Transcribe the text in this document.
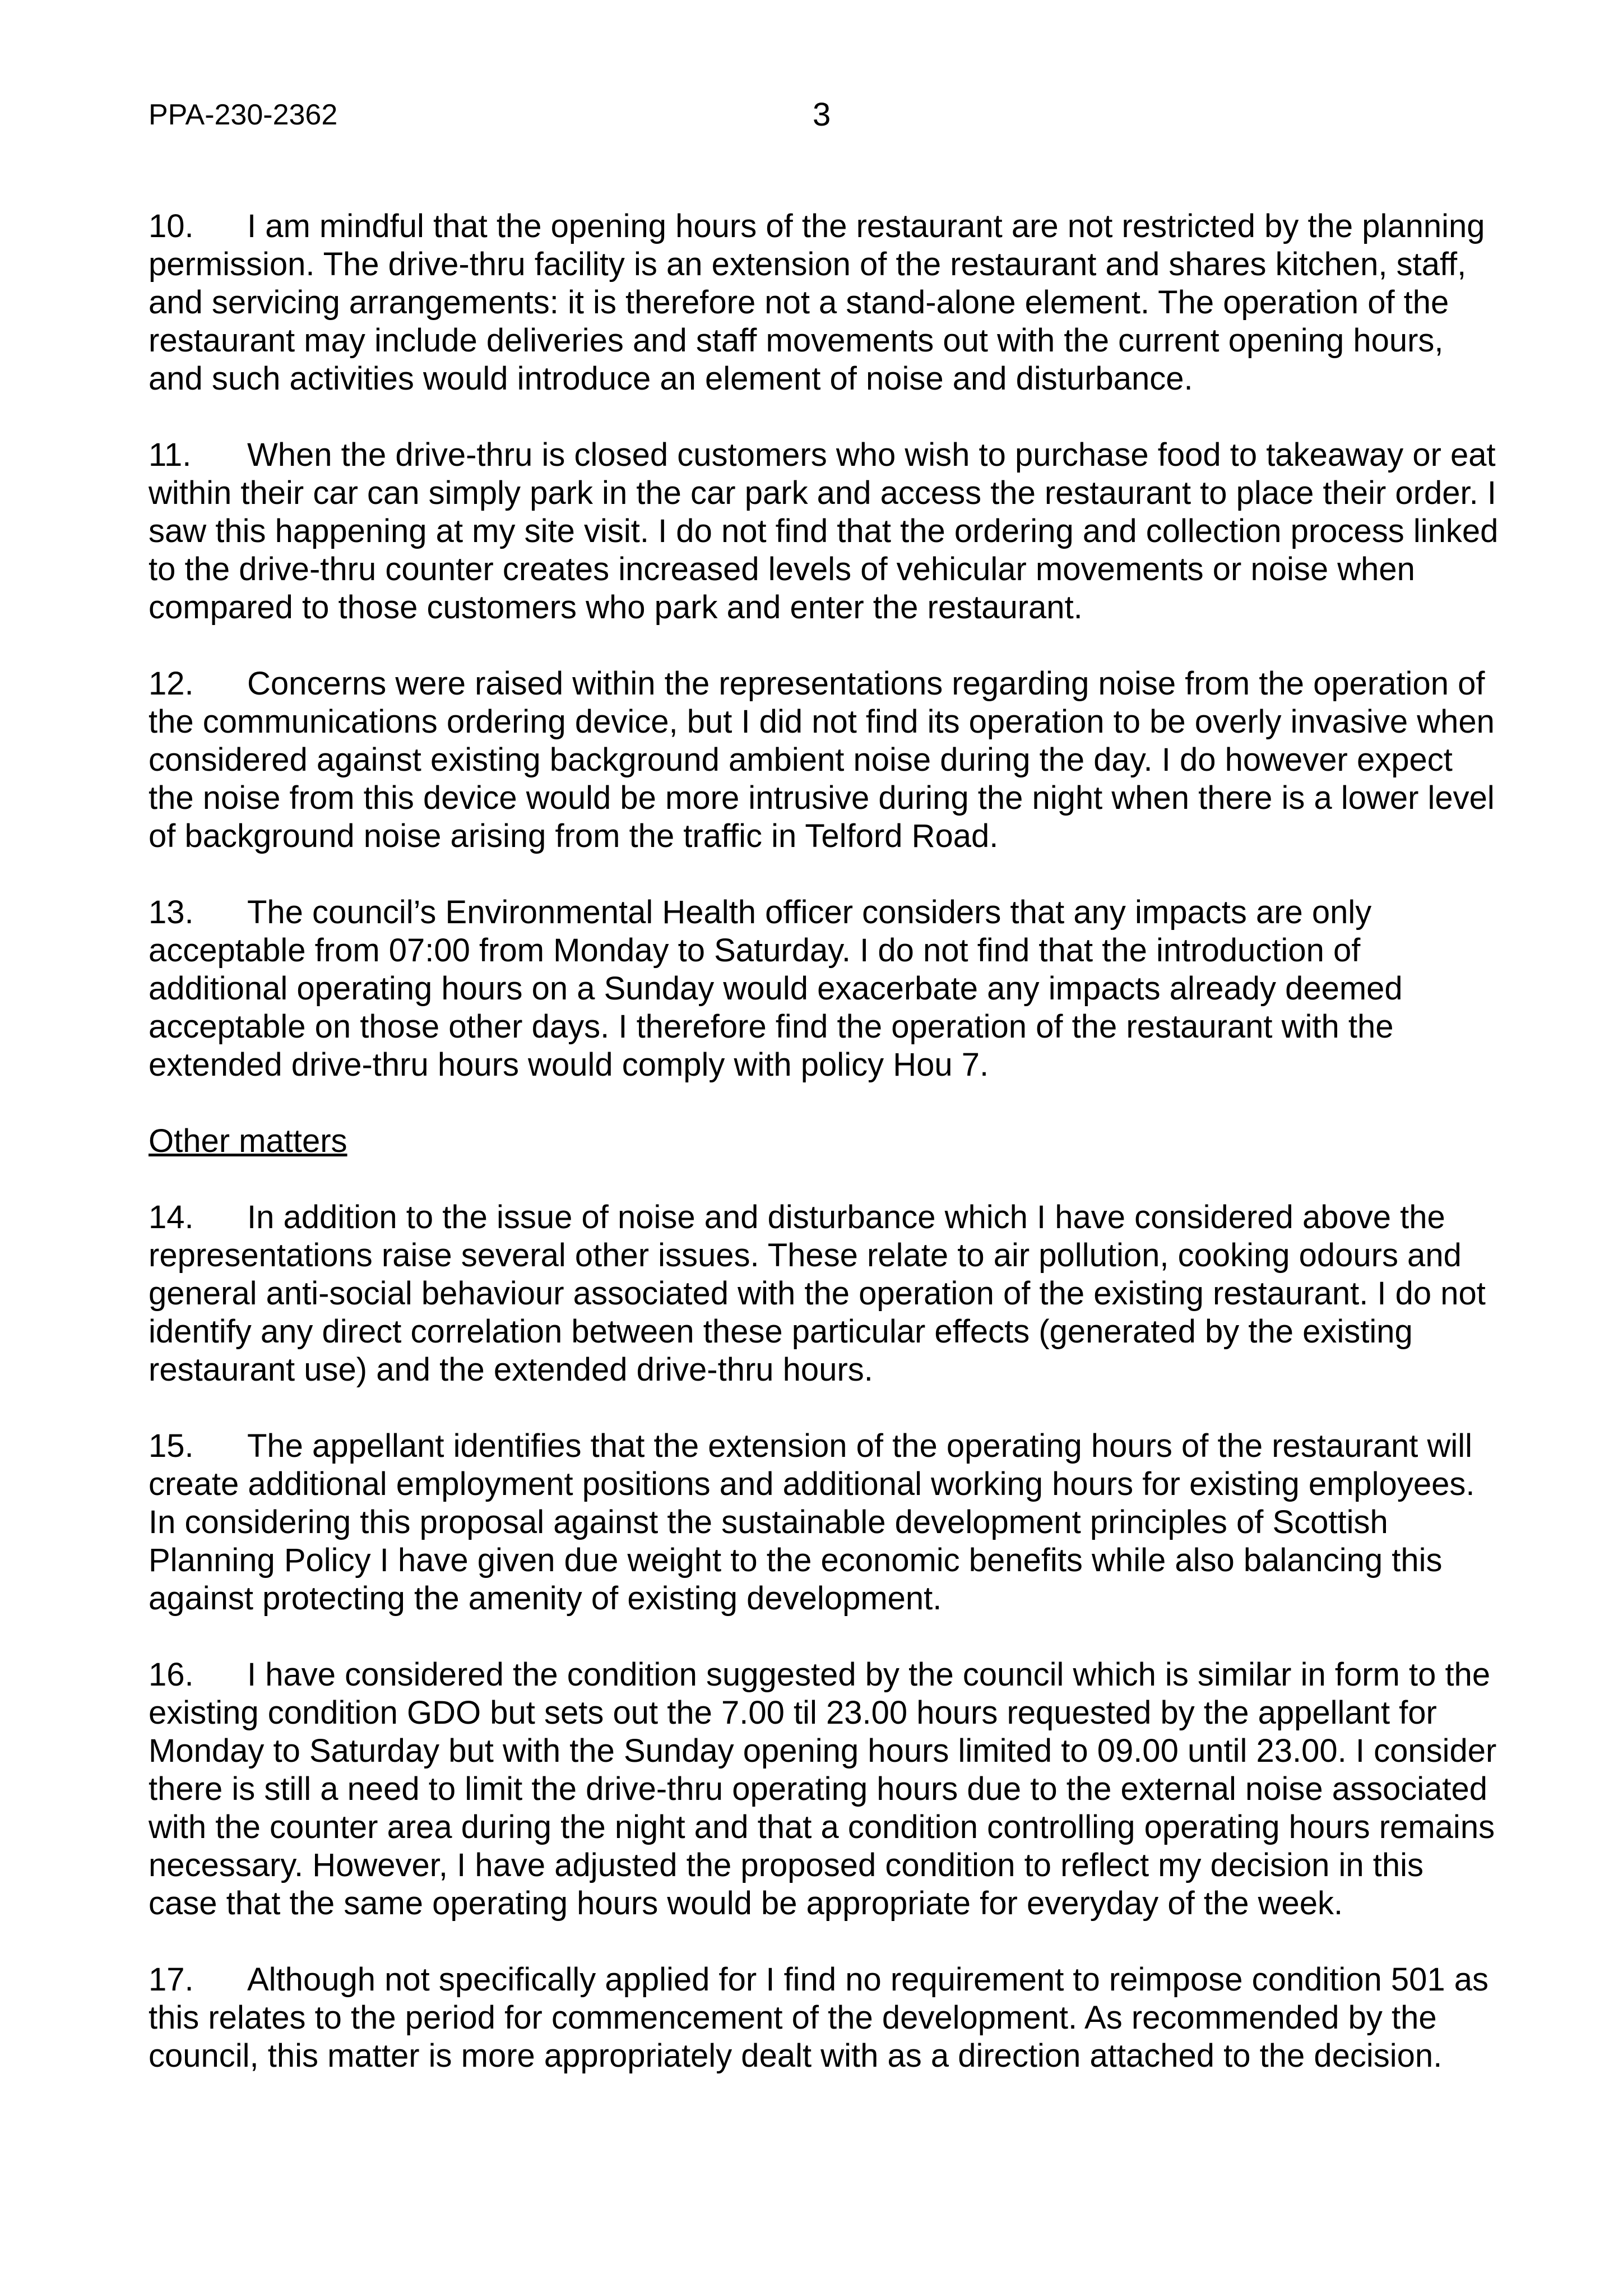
PPA-230-2362	3

10. I am mindful that the opening hours of the restaurant are not restricted by the planning permission. The drive-thru facility is an extension of the restaurant and shares kitchen, staff, and servicing arrangements: it is therefore not a stand-alone element. The operation of the restaurant may include deliveries and staff movements out with the current opening hours, and such activities would introduce an element of noise and disturbance.

11. When the drive-thru is closed customers who wish to purchase food to takeaway or eat within their car can simply park in the car park and access the restaurant to place their order. I saw this happening at my site visit. I do not find that the ordering and collection process linked to the drive-thru counter creates increased levels of vehicular movements or noise when compared to those customers who park and enter the restaurant.

12. Concerns were raised within the representations regarding noise from the operation of the communications ordering device, but I did not find its operation to be overly invasive when considered against existing background ambient noise during the day. I do however expect the noise from this device would be more intrusive during the night when there is a lower level of background noise arising from the traffic in Telford Road.

13. The council’s Environmental Health officer considers that any impacts are only acceptable from 07:00 from Monday to Saturday. I do not find that the introduction of additional operating hours on a Sunday would exacerbate any impacts already deemed acceptable on those other days. I therefore find the operation of the restaurant with the extended drive-thru hours would comply with policy Hou 7.

Other matters

14. In addition to the issue of noise and disturbance which I have considered above the representations raise several other issues. These relate to air pollution, cooking odours and general anti-social behaviour associated with the operation of the existing restaurant. I do not identify any direct correlation between these particular effects (generated by the existing restaurant use) and the extended drive-thru hours.

15. The appellant identifies that the extension of the operating hours of the restaurant will create additional employment positions and additional working hours for existing employees. In considering this proposal against the sustainable development principles of Scottish Planning Policy I have given due weight to the economic benefits while also balancing this against protecting the amenity of existing development.

16. I have considered the condition suggested by the council which is similar in form to the existing condition GDO but sets out the 7.00 til 23.00 hours requested by the appellant for Monday to Saturday but with the Sunday opening hours limited to 09.00 until 23.00. I consider there is still a need to limit the drive-thru operating hours due to the external noise associated with the counter area during the night and that a condition controlling operating hours remains necessary. However, I have adjusted the proposed condition to reflect my decision in this case that the same operating hours would be appropriate for everyday of the week.

17. Although not specifically applied for I find no requirement to reimpose condition 501 as this relates to the period for commencement of the development. As recommended by the council, this matter is more appropriately dealt with as a direction attached to the decision.
